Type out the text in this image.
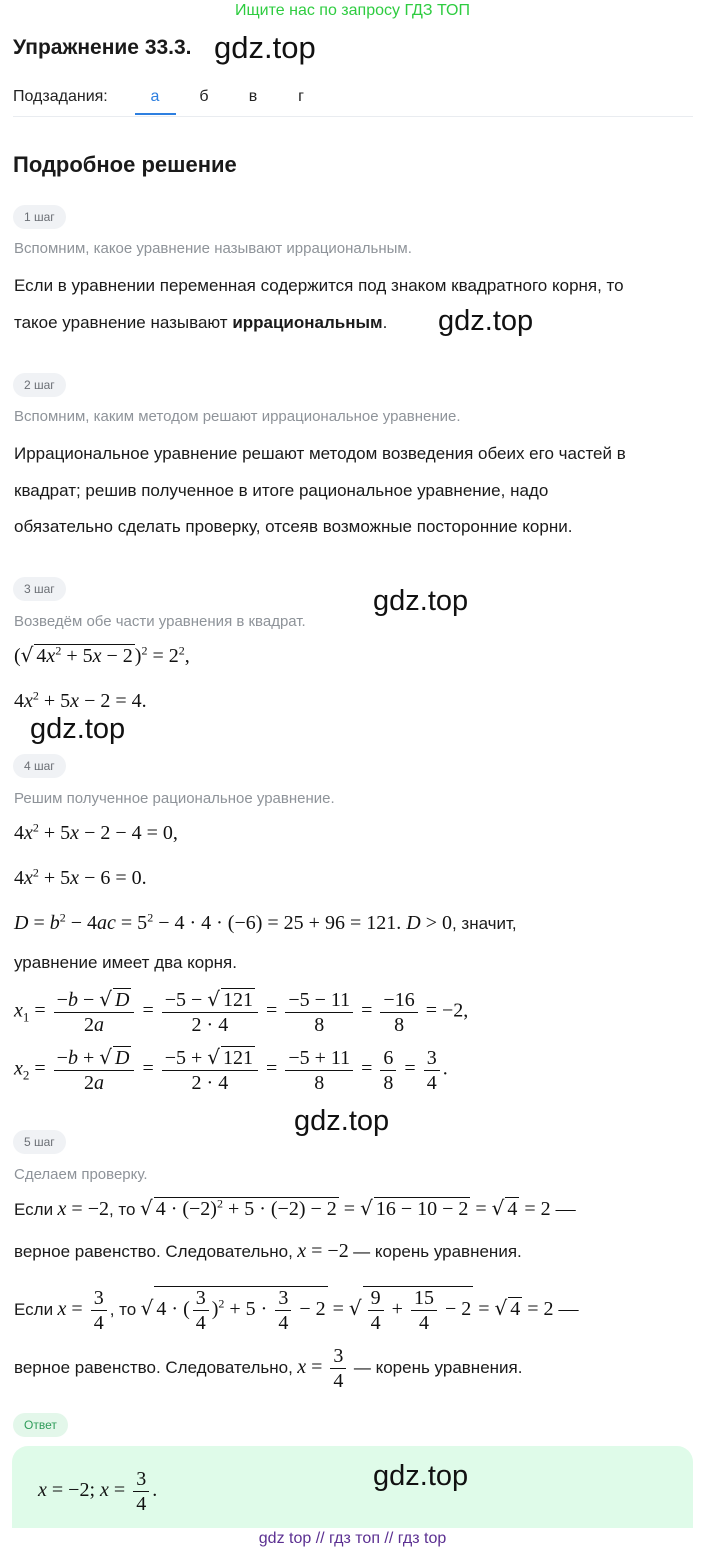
Ищите нас по запросу ГДЗ ТОП
Упражнение 33.3. gdz.top
Подзадания:	а	б	в	г
Подробное решение
1 шаг
Вспомним, какое уравнение называют иррациональным.
Если в уравнении переменная содержится под знаком квадратного корня, то
такое уравнение называют иррациональным. gdz.top
2 шаг
Вспомним, каким методом решают иррациональное уравнение.
Иррациональное уравнение решают методом возведения обеих его частей в
квадрат; решив полученное в итоге рациональное уравнение, надо
обязательно сделать проверку, отсеяв возможные посторонние корни.
3 шаг	gdz.top
Возведём обе части уравнения в квадрат.
(√ $4x^2 + 5x - 2$ )$^2 = 2^2$,
$4x^2 + 5x - 2 = 4$.
gdz.top
4 шаг
Решим полученное рациональное уравнение.
$4x^2 + 5x - 2 - 4 = 0$,
$4x^2 + 5x - 6 = 0$.
$D = b^2 - 4ac = 5^2 - 4 \cdot 4 \cdot (-6) = 25 + 96 = 121$. D > 0, значит,
уравнение имеет два корня.
$x_1 = \frac{-b - √ D}{2a} = \frac{-5 - √ 121}{2 \cdot 4} = \frac{-5 - 11}{8} = \frac{-16}{8} = -2$,
$x_2 = \frac{-b + √ D}{2a} = \frac{-5 + √ 121}{2 \cdot 4} = \frac{-5 + 11}{8} = \frac{6}{8} = \frac{3}{4}$ .
gdz.top
5 шаг
Сделаем проверку.
Если x = −2, то √ $4 \cdot (-2)^2 + 5 \cdot (-2) - 2$ = √ 16 − 10 − 2 = √ 4 = 2 —
верное равенство. Следовательно, x = −2 — корень уравнения.
Если $x = \frac{3}{4}$ , то √ 4 · ( $\frac{3}{4} )^2 + 5 \cdot \frac{3}{4} - 2$ = √ $\frac{9}{4} + \frac{15}{4} - 2$ = √ 4 = 2 —
верное равенство. Следовательно, $x = \frac{3}{4}$ — корень уравнения.
Ответ
x = −2; $x = \frac{3}{4}$ .	gdz.top
gdz top // гдз топ // гдз top
